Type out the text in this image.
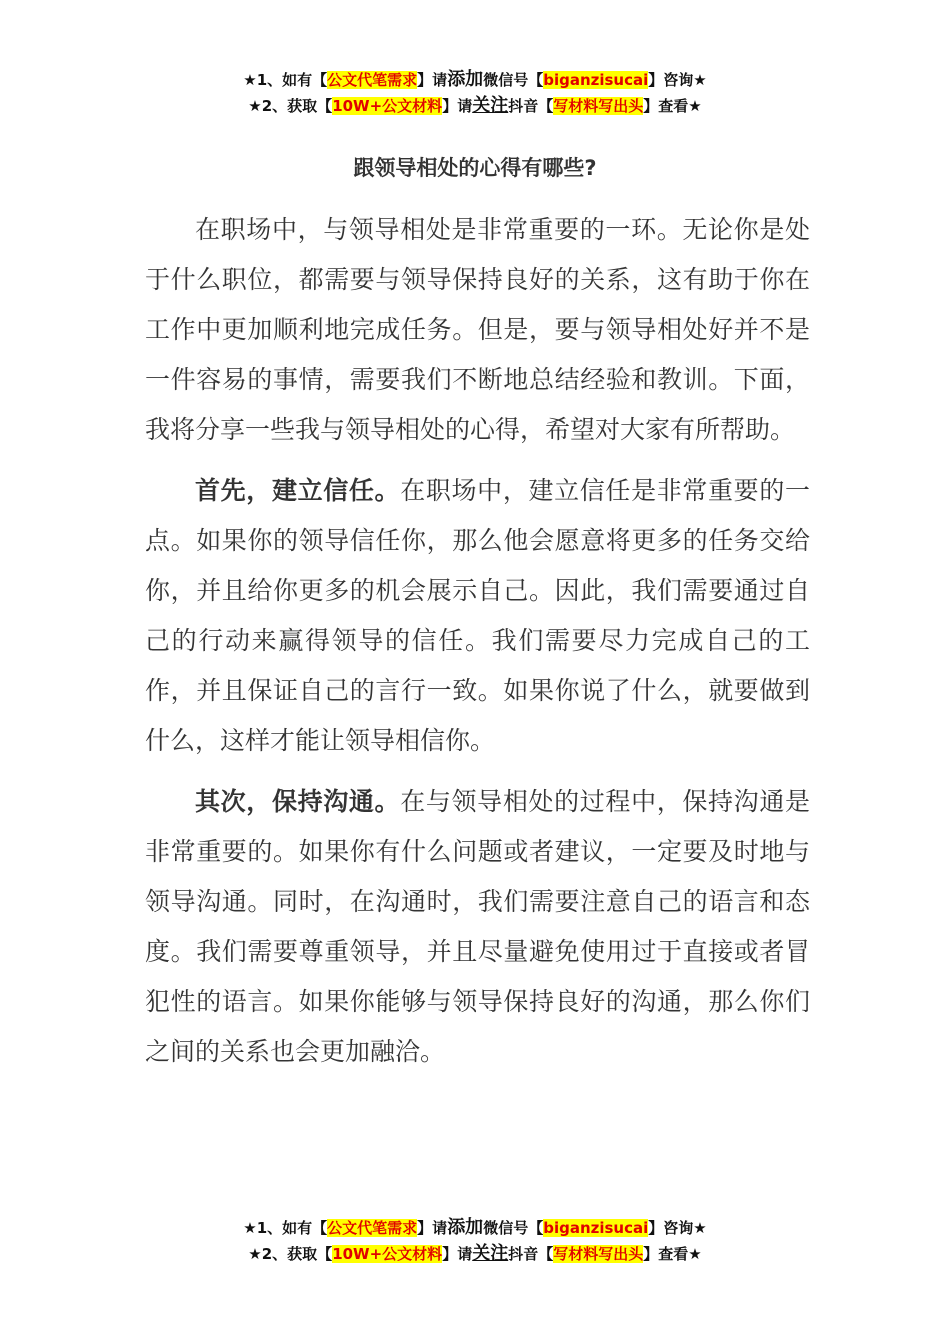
★1、如有【公文代笔需求】请添加微信号【biganzisucai】咨询★
★2、获取【10W+公文材料】请关注抖音【写材料写出头】查看★
跟领导相处的心得有哪些?

在职场中，与领导相处是非常重要的一环。无论你是处于什么职位，都需要与领导保持良好的关系，这有助于你在工作中更加顺利地完成任务。但是，要与领导相处好并不是一件容易的事情，需要我们不断地总结经验和教训。下面，我将分享一些我与领导相处的心得，希望对大家有所帮助。

首先，建立信任。在职场中，建立信任是非常重要的一点。如果你的领导信任你，那么他会愿意将更多的任务交给你，并且给你更多的机会展示自己。因此，我们需要通过自己的行动来赢得领导的信任。我们需要尽力完成自己的工作，并且保证自己的言行一致。如果你说了什么，就要做到什么，这样才能让领导相信你。

其次，保持沟通。在与领导相处的过程中，保持沟通是非常重要的。如果你有什么问题或者建议，一定要及时地与领导沟通。同时，在沟通时，我们需要注意自己的语言和态度。我们需要尊重领导，并且尽量避免使用过于直接或者冒犯性的语言。如果你能够与领导保持良好的沟通，那么你们之间的关系也会更加融洽。

★1、如有【公文代笔需求】请添加微信号【biganzisucai】咨询★
★2、获取【10W+公文材料】请关注抖音【写材料写出头】查看★
